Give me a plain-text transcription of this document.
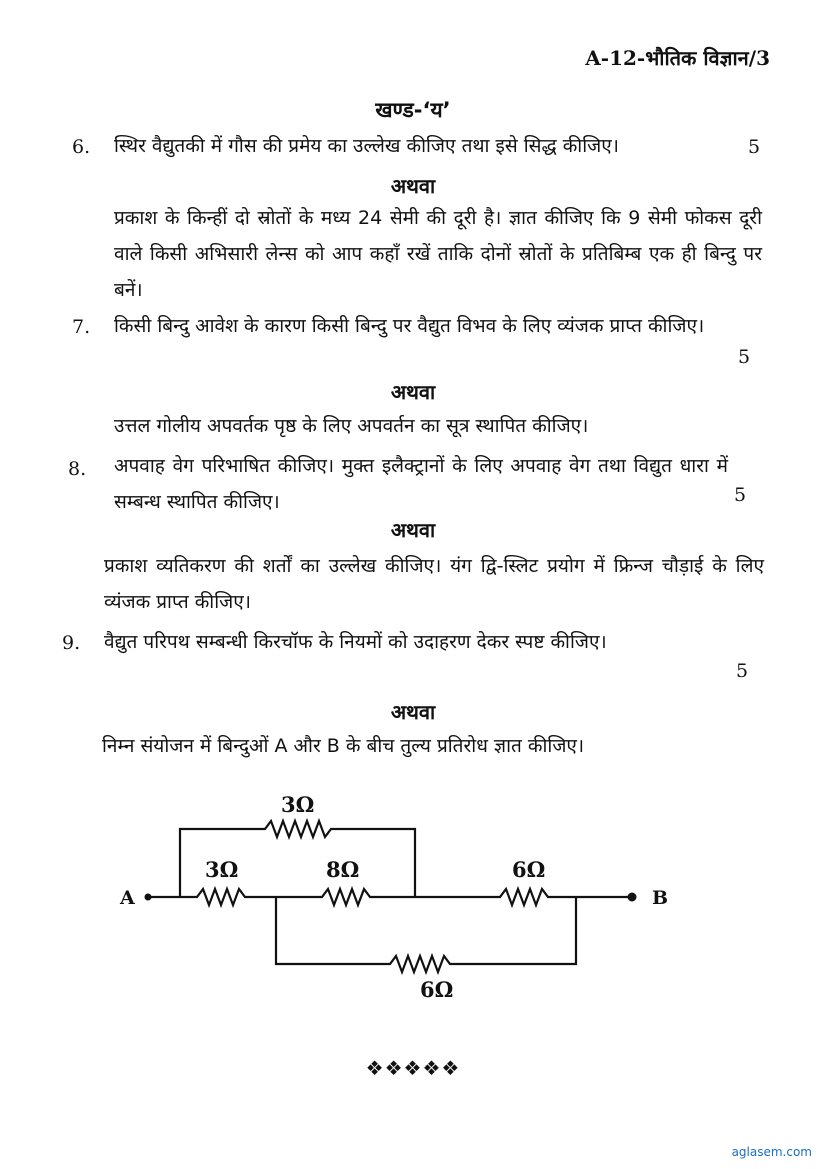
A-12-भौतिक विज्ञान/3
खण्ड-‘य’
6. स्थिर वैद्युतकी में गौस की प्रमेय का उल्लेख कीजिए तथा इसे सिद्ध कीजिए।	5
अथवा
प्रकाश के किन्हीं दो स्रोतों के मध्य 24 सेमी की दूरी है। ज्ञात कीजिए कि 9 सेमी फोकस दूरी वाले किसी अभिसारी लेन्स को आप कहाँ रखें ताकि दोनों स्रोतों के प्रतिबिम्ब एक ही बिन्दु पर बनें।
7. किसी बिन्दु आवेश के कारण किसी बिन्दु पर वैद्युत विभव के लिए व्यंजक प्राप्त कीजिए।
5
अथवा
उत्तल गोलीय अपवर्तक पृष्ठ के लिए अपवर्तन का सूत्र स्थापित कीजिए।
8. अपवाह वेग परिभाषित कीजिए। मुक्त इलैक्ट्रानों के लिए अपवाह वेग तथा विद्युत धारा में सम्बन्ध स्थापित कीजिए।	5
अथवा
प्रकाश व्यतिकरण की शर्तों का उल्लेख कीजिए। यंग द्वि-स्लिट प्रयोग में फ्रिन्ज चौड़ाई के लिए व्यंजक प्राप्त कीजिए।
9. वैद्युत परिपथ सम्बन्धी किरचॉफ के नियमों को उदाहरण देकर स्पष्ट कीजिए।
5
अथवा
निम्न संयोजन में बिन्दुओं A और B के बीच तुल्य प्रतिरोध ज्ञात कीजिए।
A	B
3Ω
3Ω	8Ω	6Ω
6Ω
❖❖❖❖❖
aglasem.com
